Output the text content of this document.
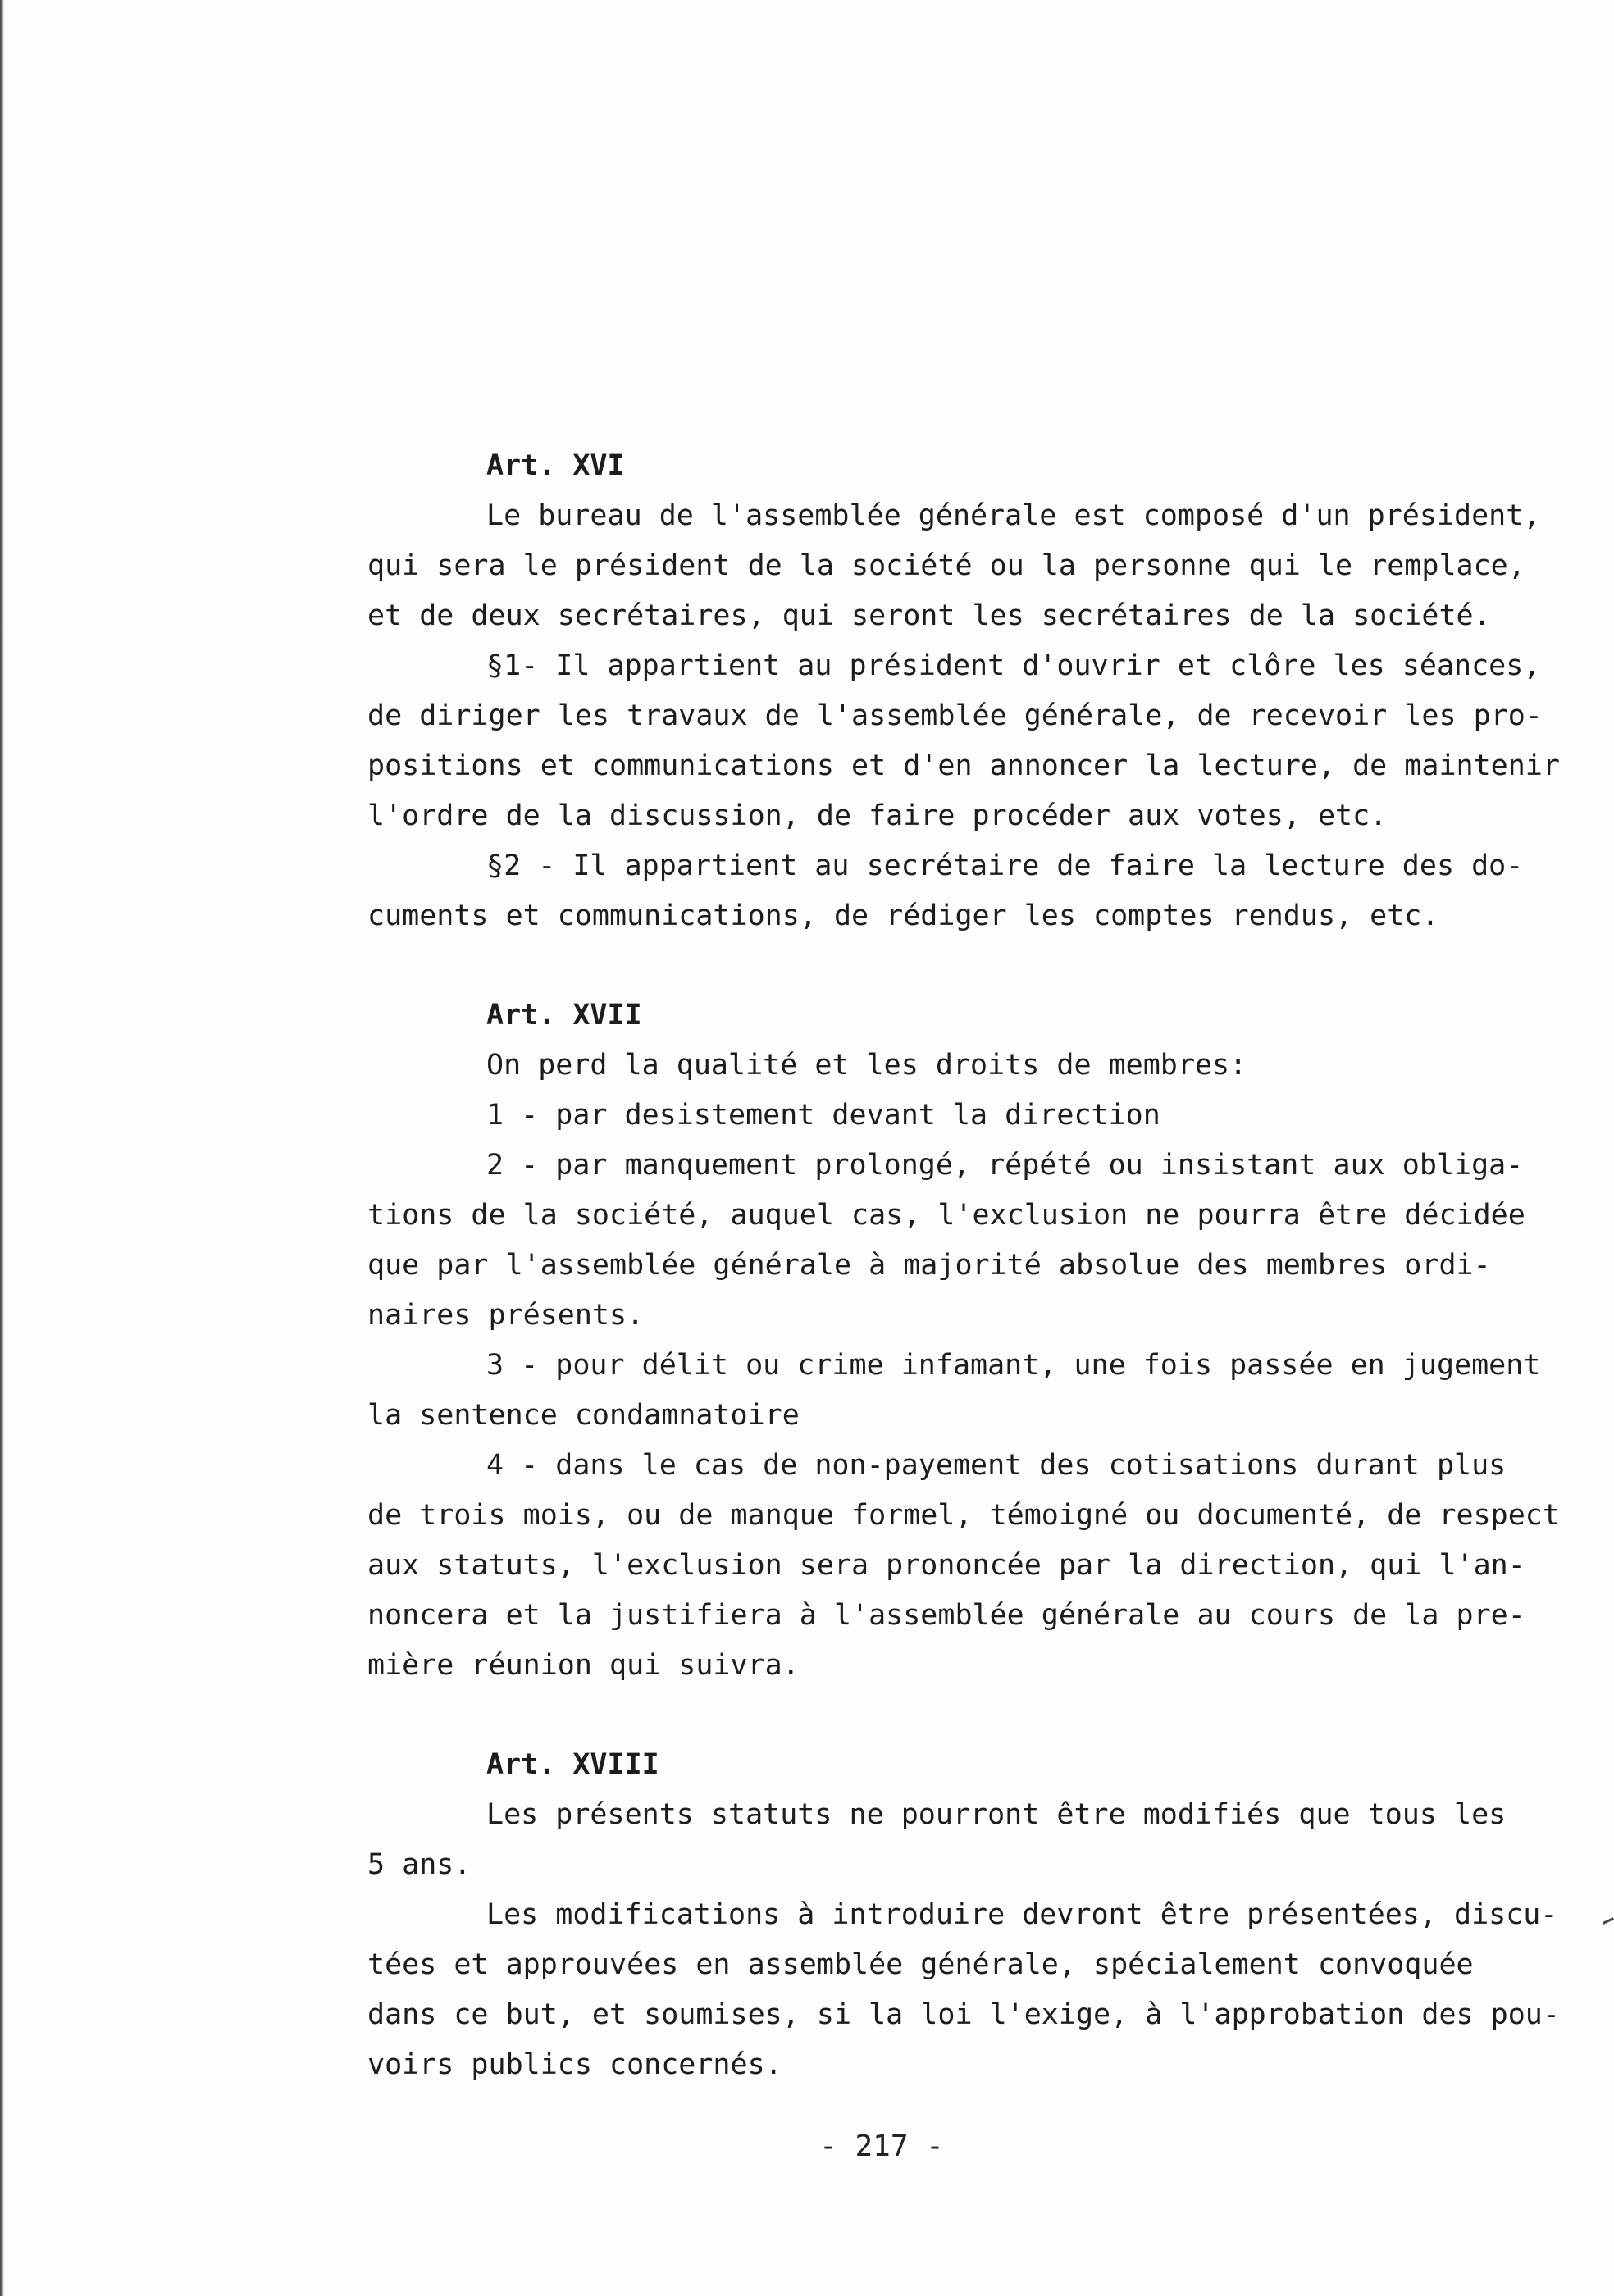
Art. XVI
Le bureau de l'assemblée générale est composé d'un président,
qui sera le président de la société ou la personne qui le remplace,
et de deux secrétaires, qui seront les secrétaires de la société.
§1- Il appartient au président d'ouvrir et clôre les séances,
de diriger les travaux de l'assemblée générale, de recevoir les pro-
positions et communications et d'en annoncer la lecture, de maintenir
l'ordre de la discussion, de faire procéder aux votes, etc.
§2 - Il appartient au secrétaire de faire la lecture des do-
cuments et communications, de rédiger les comptes rendus, etc.
Art. XVII
On perd la qualité et les droits de membres:
1 - par desistement devant la direction
2 - par manquement prolongé, répété ou insistant aux obliga-
tions de la société, auquel cas, l'exclusion ne pourra être décidée
que par l'assemblée générale à majorité absolue des membres ordi-
naires présents.
3 - pour délit ou crime infamant, une fois passée en jugement
la sentence condamnatoire
4 - dans le cas de non-payement des cotisations durant plus
de trois mois, ou de manque formel, témoigné ou documenté, de respect
aux statuts, l'exclusion sera prononcée par la direction, qui l'an-
noncera et la justifiera à l'assemblée générale au cours de la pre-
mière réunion qui suivra.
Art. XVIII
Les présents statuts ne pourront être modifiés que tous les
5 ans.
Les modifications à introduire devront être présentées, discu-
tées et approuvées en assemblée générale, spécialement convoquée
dans ce but, et soumises, si la loi l'exige, à l'approbation des pou-
voirs publics concernés.
- 217 -
